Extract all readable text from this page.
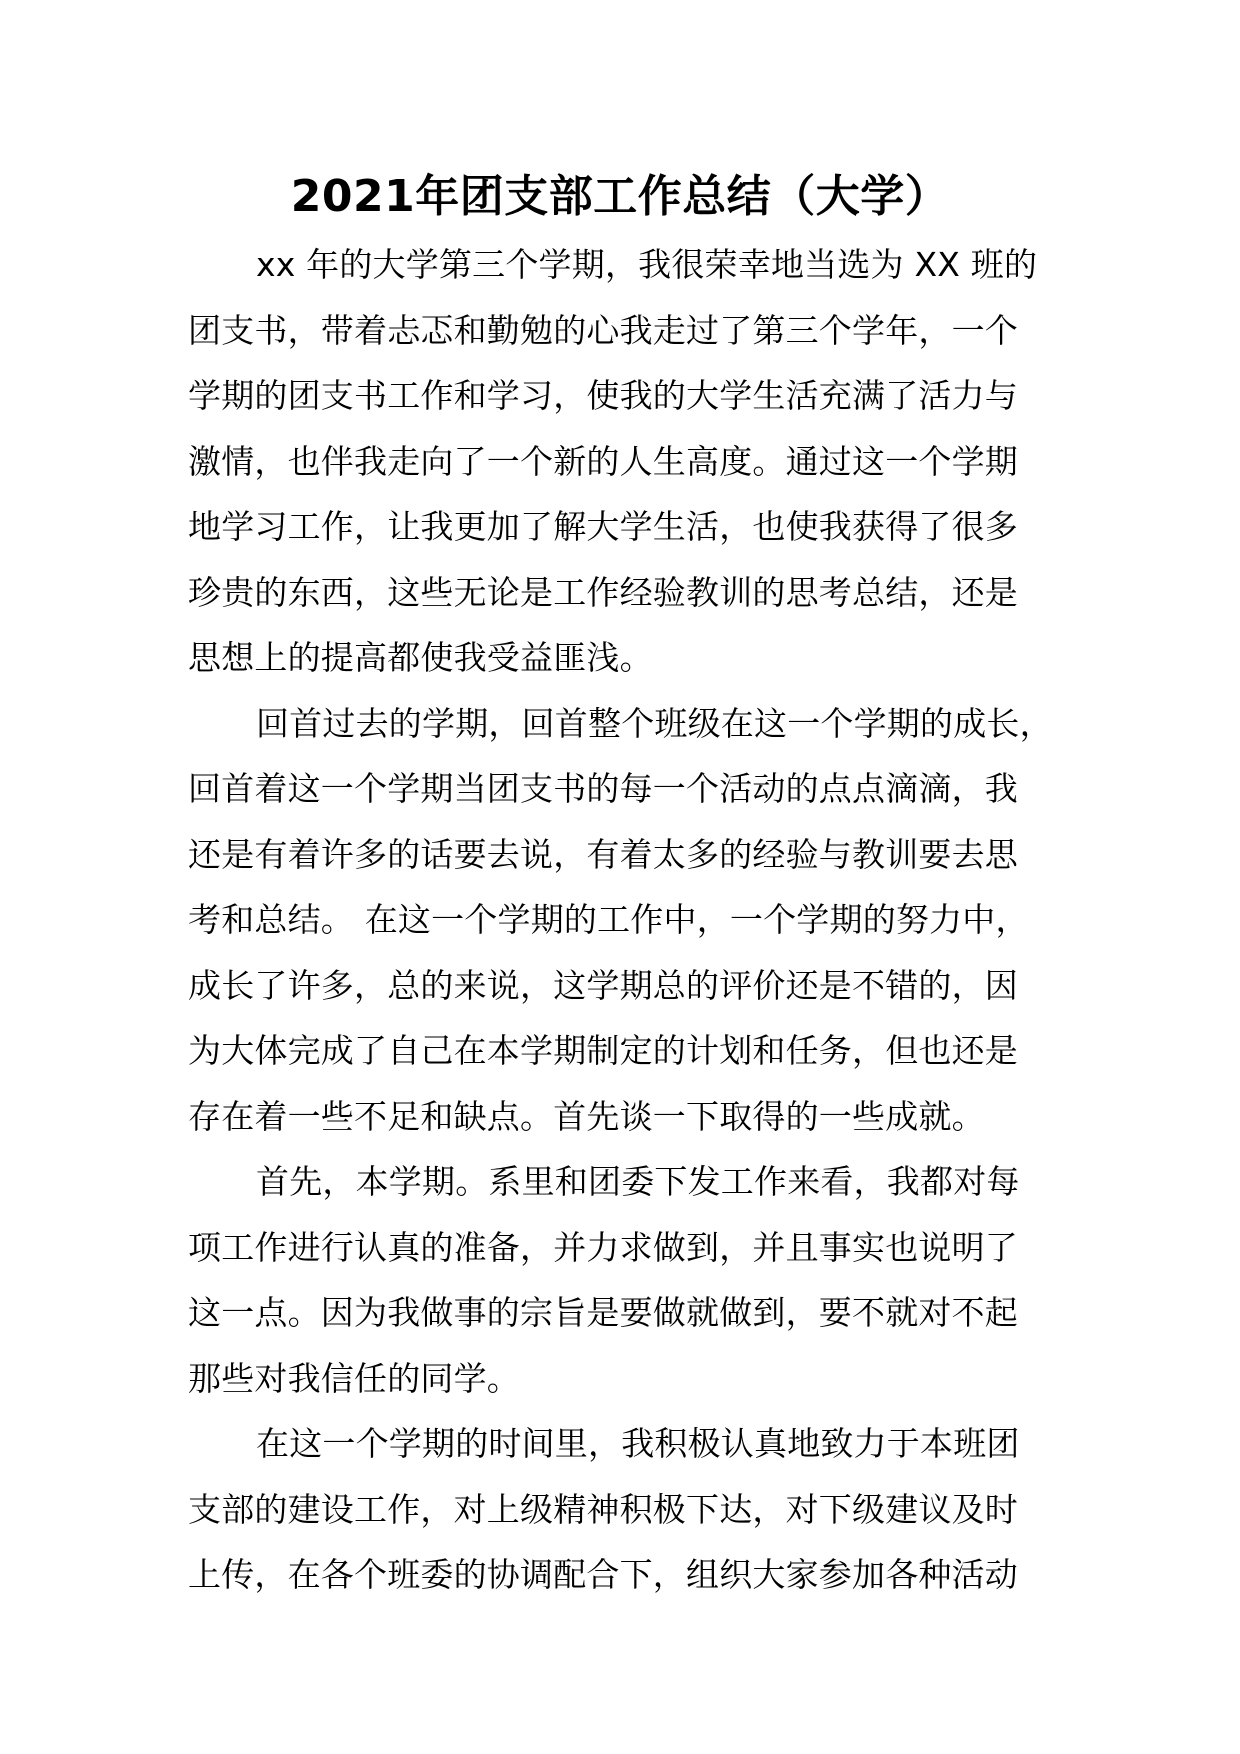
2021年团支部工作总结（大学）
xx 年的大学第三个学期，我很荣幸地当选为 XX 班的
团支书，带着忐忑和勤勉的心我走过了第三个学年，一个
学期的团支书工作和学习，使我的大学生活充满了活力与
激情，也伴我走向了一个新的人生高度。通过这一个学期
地学习工作，让我更加了解大学生活，也使我获得了很多
珍贵的东西，这些无论是工作经验教训的思考总结，还是
思想上的提高都使我受益匪浅。
回首过去的学期，回首整个班级在这一个学期的成长，
回首着这一个学期当团支书的每一个活动的点点滴滴，我
还是有着许多的话要去说，有着太多的经验与教训要去思
考和总结。 在这一个学期的工作中，一个学期的努力中，
成长了许多，总的来说，这学期总的评价还是不错的，因
为大体完成了自己在本学期制定的计划和任务，但也还是
存在着一些不足和缺点。首先谈一下取得的一些成就。
首先，本学期。系里和团委下发工作来看，我都对每
项工作进行认真的准备，并力求做到，并且事实也说明了
这一点。因为我做事的宗旨是要做就做到，要不就对不起
那些对我信任的同学。
在这一个学期的时间里，我积极认真地致力于本班团
支部的建设工作，对上级精神积极下达，对下级建议及时
上传，在各个班委的协调配合下，组织大家参加各种活动
